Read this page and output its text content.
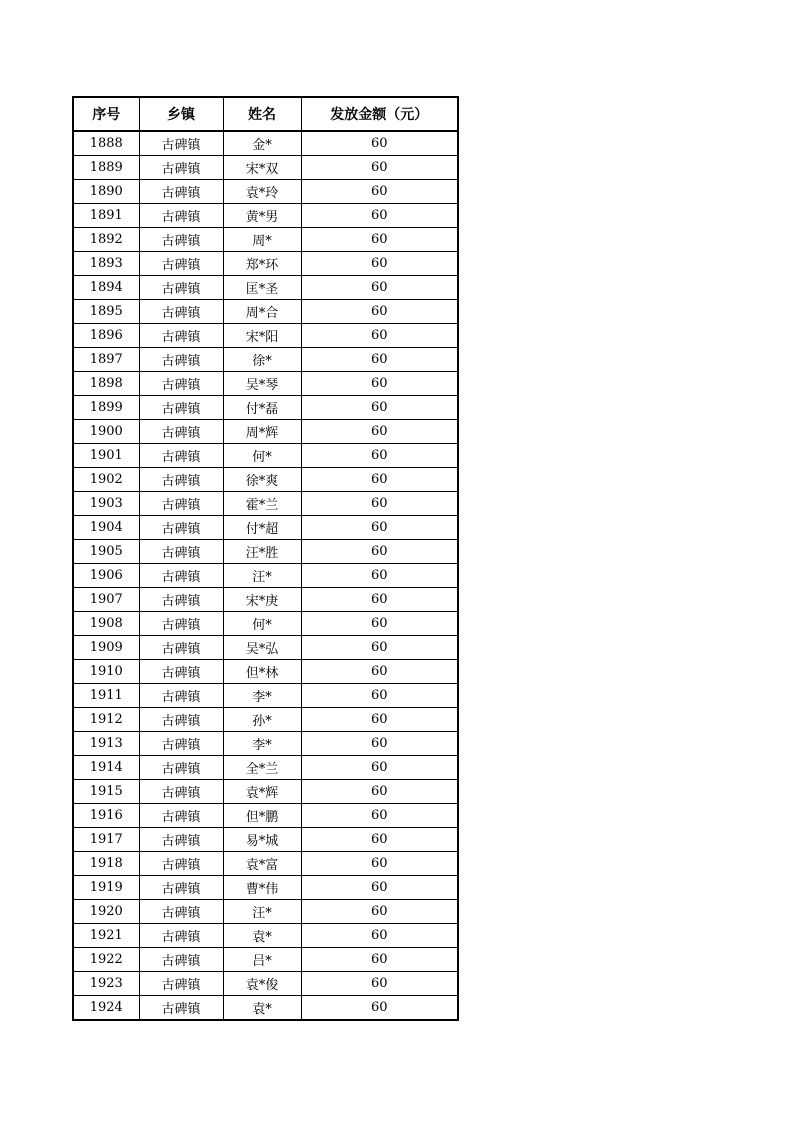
序号	乡镇	姓名	发放金额（元）
1888	古碑镇	金*	60
1889	古碑镇	宋*双	60
1890	古碑镇	袁*玲	60
1891	古碑镇	黄*男	60
1892	古碑镇	周*	60
1893	古碑镇	郑*环	60
1894	古碑镇	匡*圣	60
1895	古碑镇	周*合	60
1896	古碑镇	宋*阳	60
1897	古碑镇	徐*	60
1898	古碑镇	吴*琴	60
1899	古碑镇	付*磊	60
1900	古碑镇	周*辉	60
1901	古碑镇	何*	60
1902	古碑镇	徐*爽	60
1903	古碑镇	霍*兰	60
1904	古碑镇	付*超	60
1905	古碑镇	汪*胜	60
1906	古碑镇	汪*	60
1907	古碑镇	宋*庚	60
1908	古碑镇	何*	60
1909	古碑镇	吴*弘	60
1910	古碑镇	但*林	60
1911	古碑镇	李*	60
1912	古碑镇	孙*	60
1913	古碑镇	李*	60
1914	古碑镇	全*兰	60
1915	古碑镇	袁*辉	60
1916	古碑镇	但*鹏	60
1917	古碑镇	易*城	60
1918	古碑镇	袁*富	60
1919	古碑镇	曹*伟	60
1920	古碑镇	汪*	60
1921	古碑镇	袁*	60
1922	古碑镇	吕*	60
1923	古碑镇	袁*俊	60
1924	古碑镇	袁*	60
